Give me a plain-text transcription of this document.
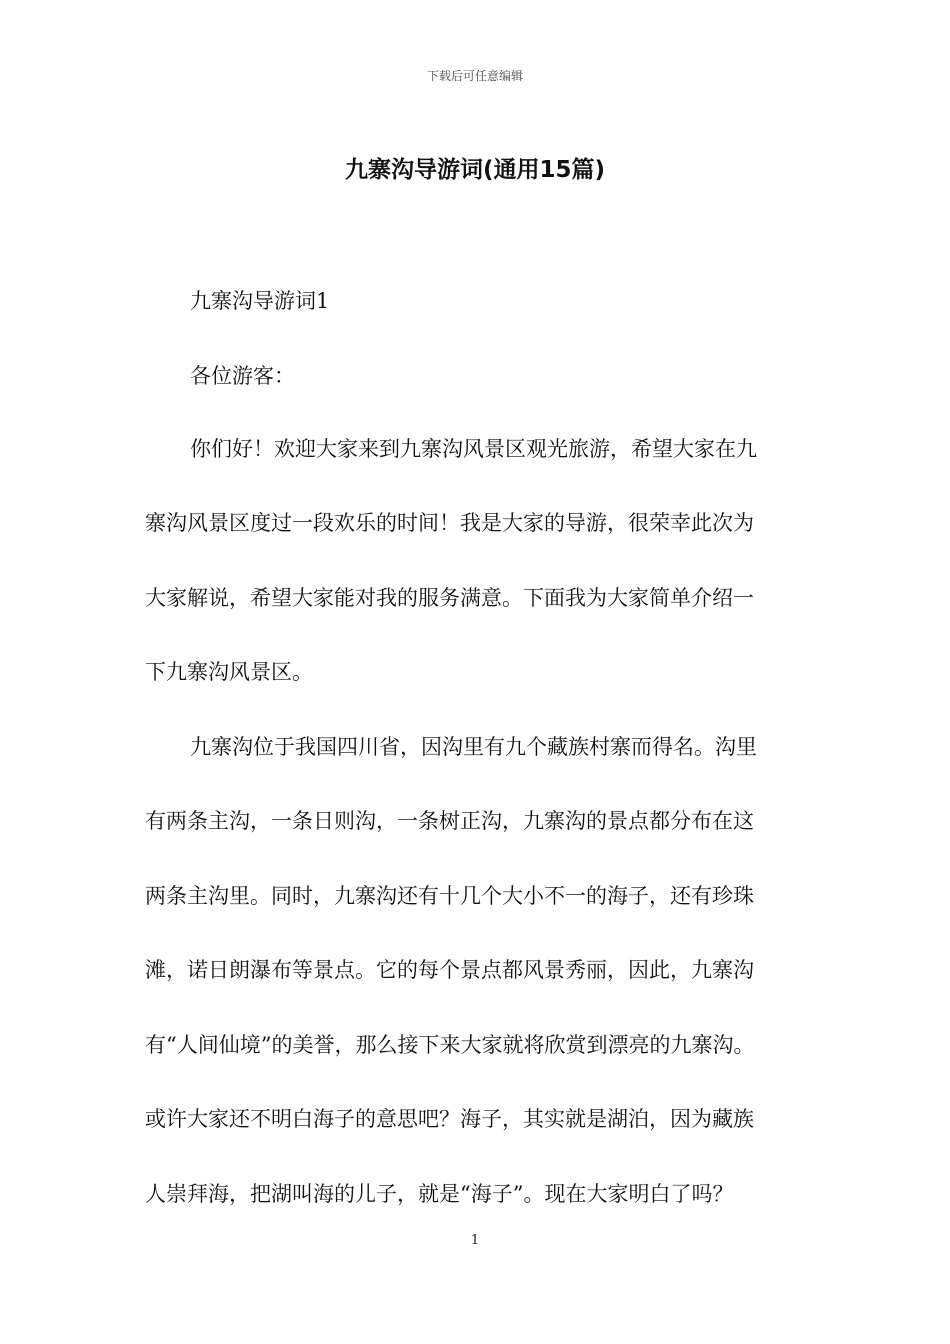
下载后可任意编辑
九寨沟导游词(通用15篇)
九寨沟导游词1
各位游客：
你们好！欢迎大家来到九寨沟风景区观光旅游，希望大家在九
寨沟风景区度过一段欢乐的时间！我是大家的导游，很荣幸此次为
大家解说，希望大家能对我的服务满意。下面我为大家简单介绍一
下九寨沟风景区。
九寨沟位于我国四川省，因沟里有九个藏族村寨而得名。沟里
有两条主沟，一条日则沟，一条树正沟，九寨沟的景点都分布在这
两条主沟里。同时，九寨沟还有十几个大小不一的海子，还有珍珠
滩，诺日朗瀑布等景点。它的每个景点都风景秀丽，因此，九寨沟
有“人间仙境”的美誉，那么接下来大家就将欣赏到漂亮的九寨沟。
或许大家还不明白海子的意思吧？海子，其实就是湖泊，因为藏族
人崇拜海，把湖叫海的儿子，就是“海子”。现在大家明白了吗？
1
